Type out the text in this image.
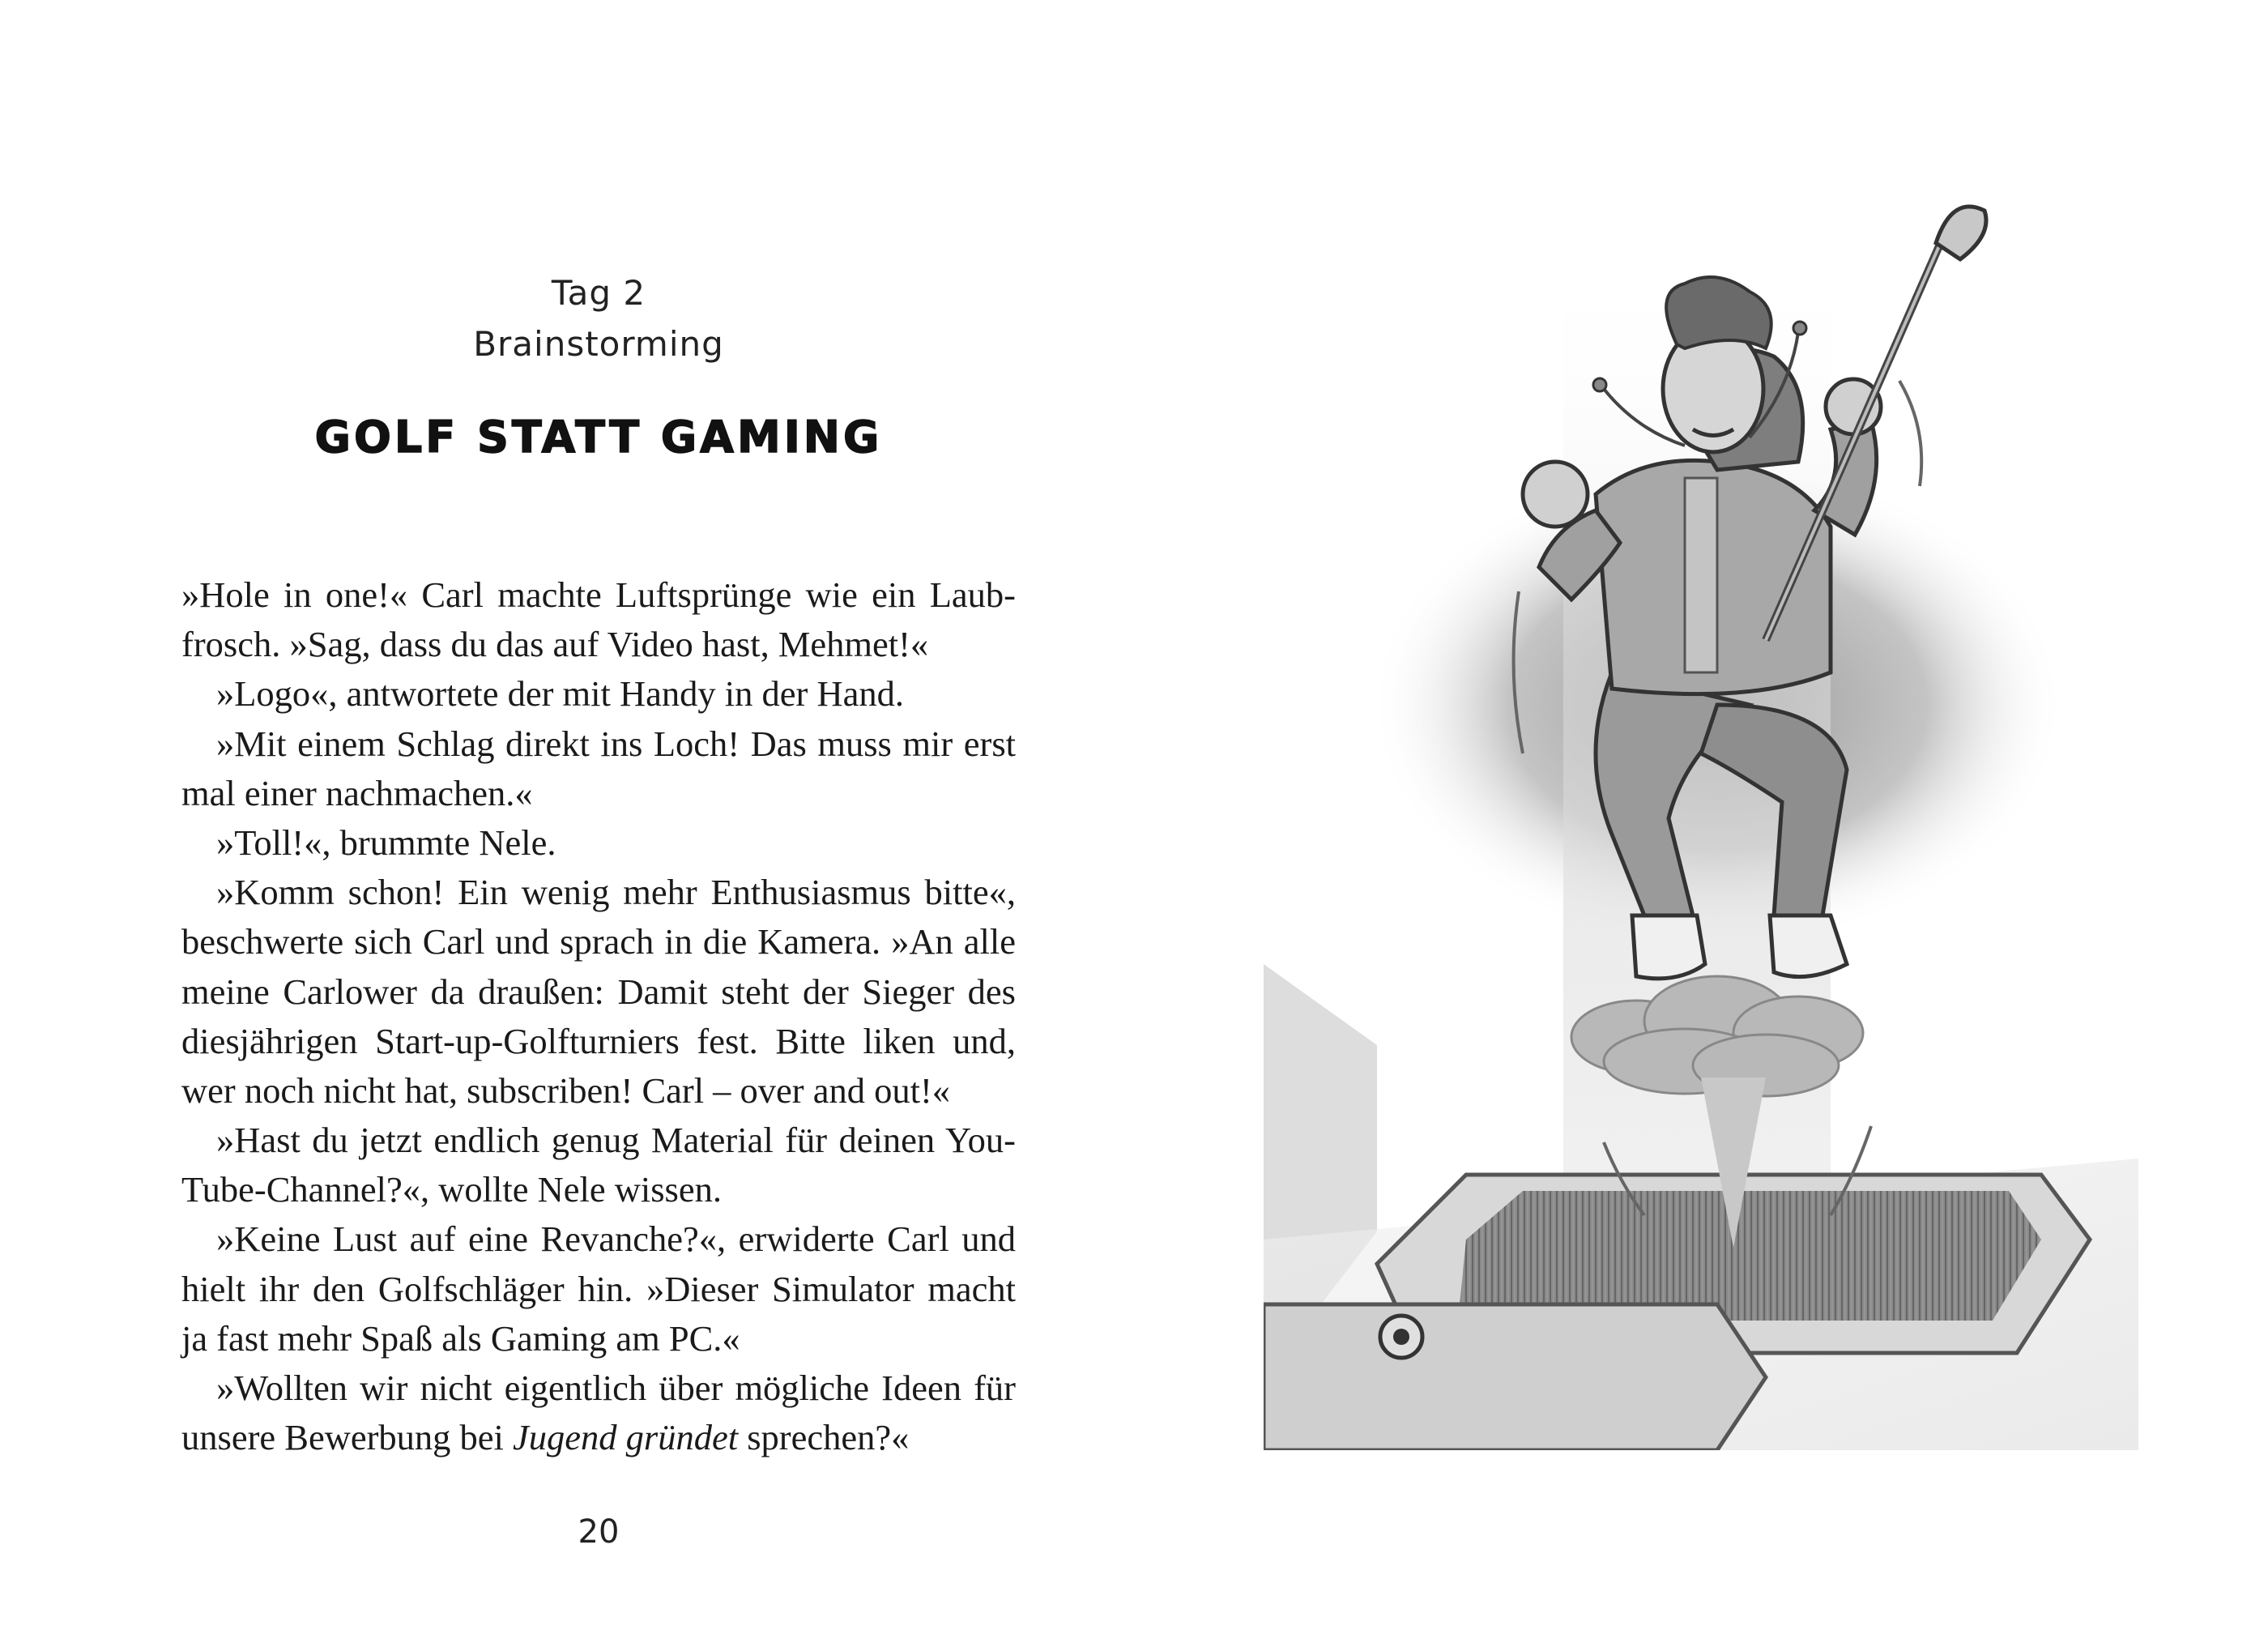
Tag 2
Brainstorming
GOLF STATT GAMING
»Hole in one!« Carl machte Luftsprünge wie ein Laub-
frosch. »Sag, dass du das auf Video hast, Mehmet!«
»Logo«, antwortete der mit Handy in der Hand.
»Mit einem Schlag direkt ins Loch! Das muss mir erst
mal einer nachmachen.«
»Toll!«, brummte Nele.
»Komm schon! Ein wenig mehr Enthusiasmus bitte«,
beschwerte sich Carl und sprach in die Kamera. »An alle
meine Carlower da draußen: Damit steht der Sieger des
diesjährigen Start-up-Golfturniers fest. Bitte liken und,
wer noch nicht hat, subscriben! Carl – over and out!«
»Hast du jetzt endlich genug Material für deinen You-
Tube-Channel?«, wollte Nele wissen.
»Keine Lust auf eine Revanche?«, erwiderte Carl und
hielt ihr den Golfschläger hin. »Dieser Simulator macht
ja fast mehr Spaß als Gaming am PC.«
»Wollten wir nicht eigentlich über mögliche Ideen für
unsere Bewerbung bei Jugend gründet sprechen?«
20
